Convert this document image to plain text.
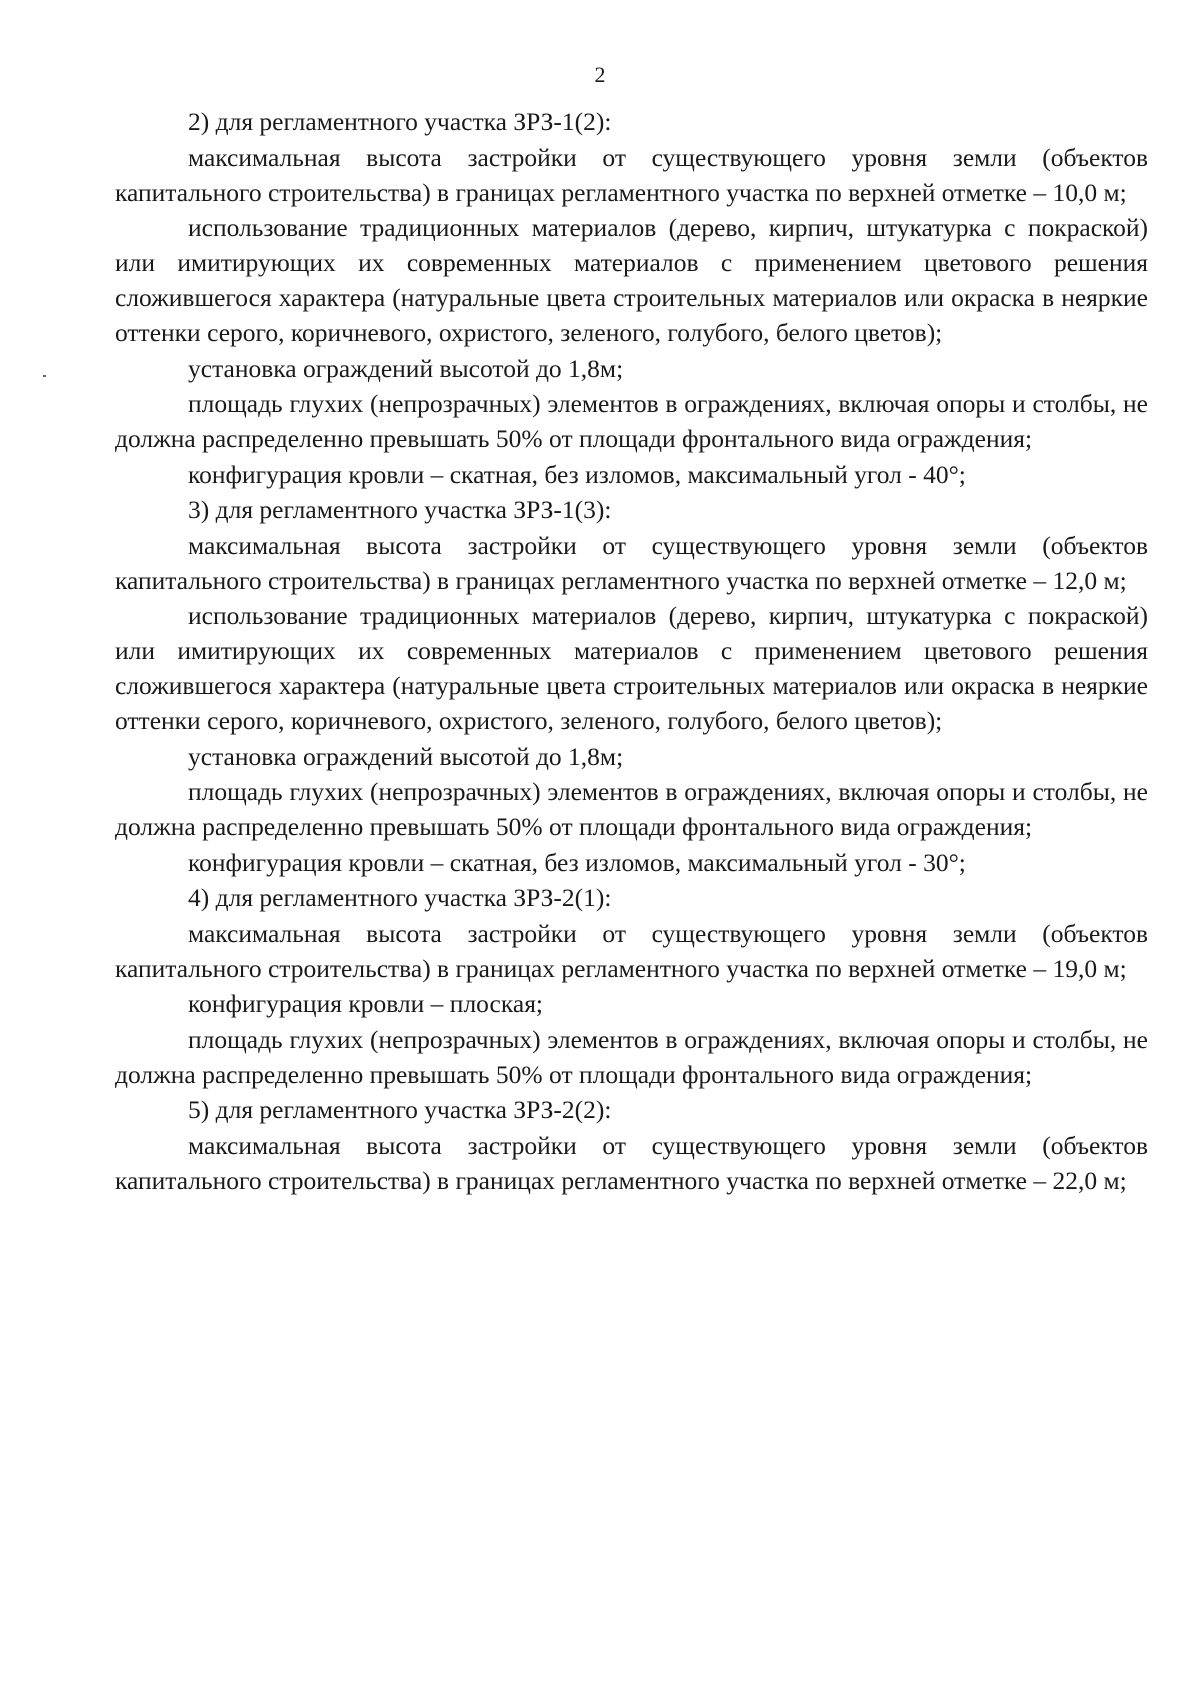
2

2) для регламентного участка ЗРЗ-1(2):

максимальная высота застройки от существующего уровня земли (объектов капитального строительства) в границах регламентного участка по верхней отметке – 10,0 м;

использование традиционных материалов (дерево, кирпич, штукатурка с покраской) или имитирующих их современных материалов с применением цветового решения сложившегося характера (натуральные цвета строительных материалов или окраска в неяркие оттенки серого, коричневого, охристого, зеленого, голубого, белого цветов);

установка ограждений высотой до 1,8м;

площадь глухих (непрозрачных) элементов в ограждениях, включая опоры и столбы, не должна распределенно превышать 50% от площади фронтального вида ограждения;

конфигурация кровли – скатная, без изломов, максимальный угол - 40°;

3) для регламентного участка ЗРЗ-1(3):

максимальная высота застройки от существующего уровня земли (объектов капитального строительства) в границах регламентного участка по верхней отметке – 12,0 м;

использование традиционных материалов (дерево, кирпич, штукатурка с покраской) или имитирующих их современных материалов с применением цветового решения сложившегося характера (натуральные цвета строительных материалов или окраска в неяркие оттенки серого, коричневого, охристого, зеленого, голубого, белого цветов);

установка ограждений высотой до 1,8м;

площадь глухих (непрозрачных) элементов в ограждениях, включая опоры и столбы, не должна распределенно превышать 50% от площади фронтального вида ограждения;

конфигурация кровли – скатная, без изломов, максимальный угол - 30°;

4) для регламентного участка ЗРЗ-2(1):

максимальная высота застройки от существующего уровня земли (объектов капитального строительства) в границах регламентного участка по верхней отметке – 19,0 м;

конфигурация кровли – плоская;

площадь глухих (непрозрачных) элементов в ограждениях, включая опоры и столбы, не должна распределенно превышать 50% от площади фронтального вида ограждения;

5) для регламентного участка ЗРЗ-2(2):

максимальная высота застройки от существующего уровня земли (объектов капитального строительства) в границах регламентного участка по верхней отметке – 22,0 м;
